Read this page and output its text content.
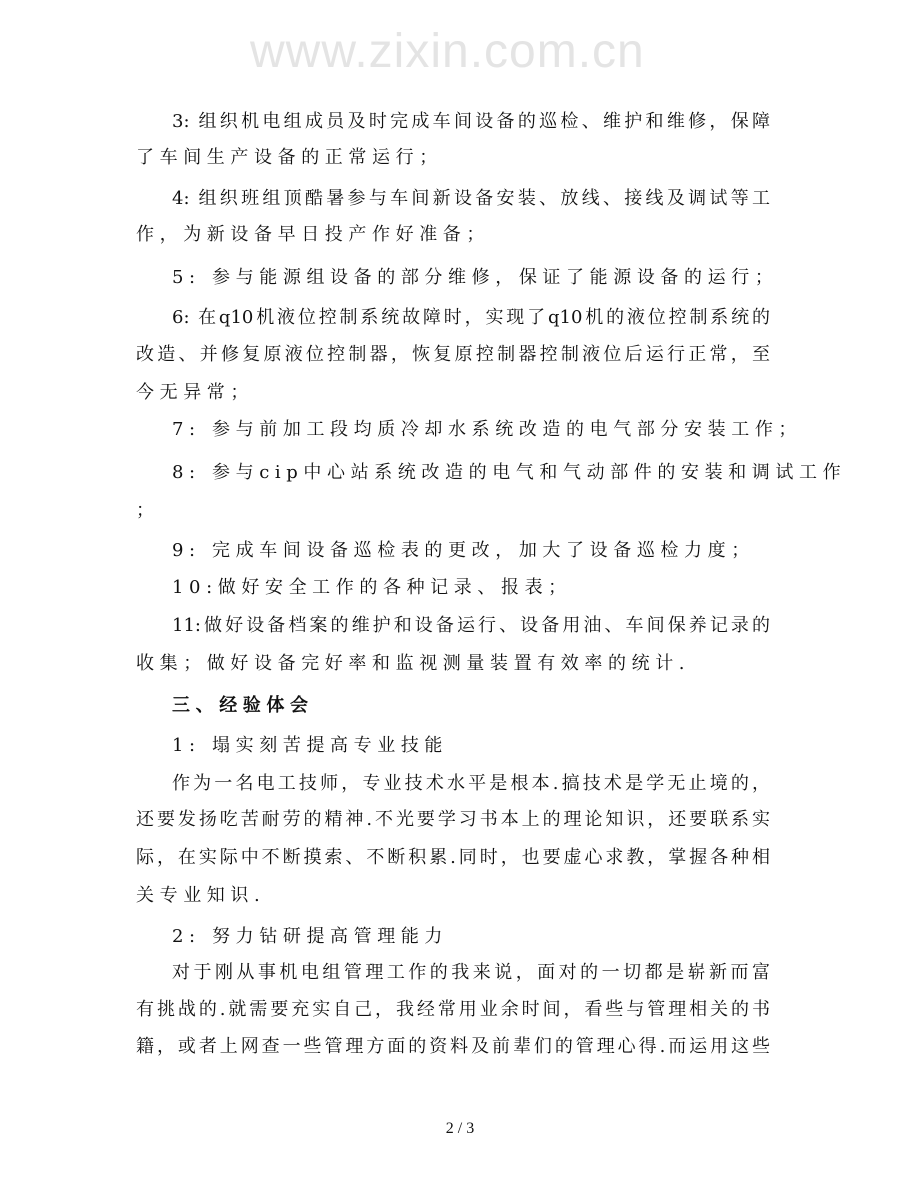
www.zixin.com.cn
3: 组织机电组成员及时完成车间设备的巡检、维护和维修，保障
了车间生产设备的正常运行；
4: 组织班组顶酷暑参与车间新设备安装、放线、接线及调试等工
作，为新设备早日投产作好准备；
5: 参与能源组设备的部分维修，保证了能源设备的运行；
6: 在q10机液位控制系统故障时，实现了q10机的液位控制系统的
改造、并修复原液位控制器，恢复原控制器控制液位后运行正常，至
今无异常；
7: 参与前加工段均质冷却水系统改造的电气部分安装工作；
8: 参与cip中心站系统改造的电气和气动部件的安装和调试工作
；
9: 完成车间设备巡检表的更改，加大了设备巡检力度；
10:做好安全工作的各种记录、报表；
11:做好设备档案的维护和设备运行、设备用油、车间保养记录的
收集；做好设备完好率和监视测量装置有效率的统计.
三、经验体会
1: 塌实刻苦提高专业技能
作为一名电工技师，专业技术水平是根本.搞技术是学无止境的，
还要发扬吃苦耐劳的精神.不光要学习书本上的理论知识，还要联系实
际，在实际中不断摸索、不断积累.同时，也要虚心求教，掌握各种相
关专业知识.
2: 努力钻研提高管理能力
对于刚从事机电组管理工作的我来说，面对的一切都是崭新而富
有挑战的.就需要充实自己，我经常用业余时间，看些与管理相关的书
籍，或者上网查一些管理方面的资料及前辈们的管理心得.而运用这些
2 / 3
